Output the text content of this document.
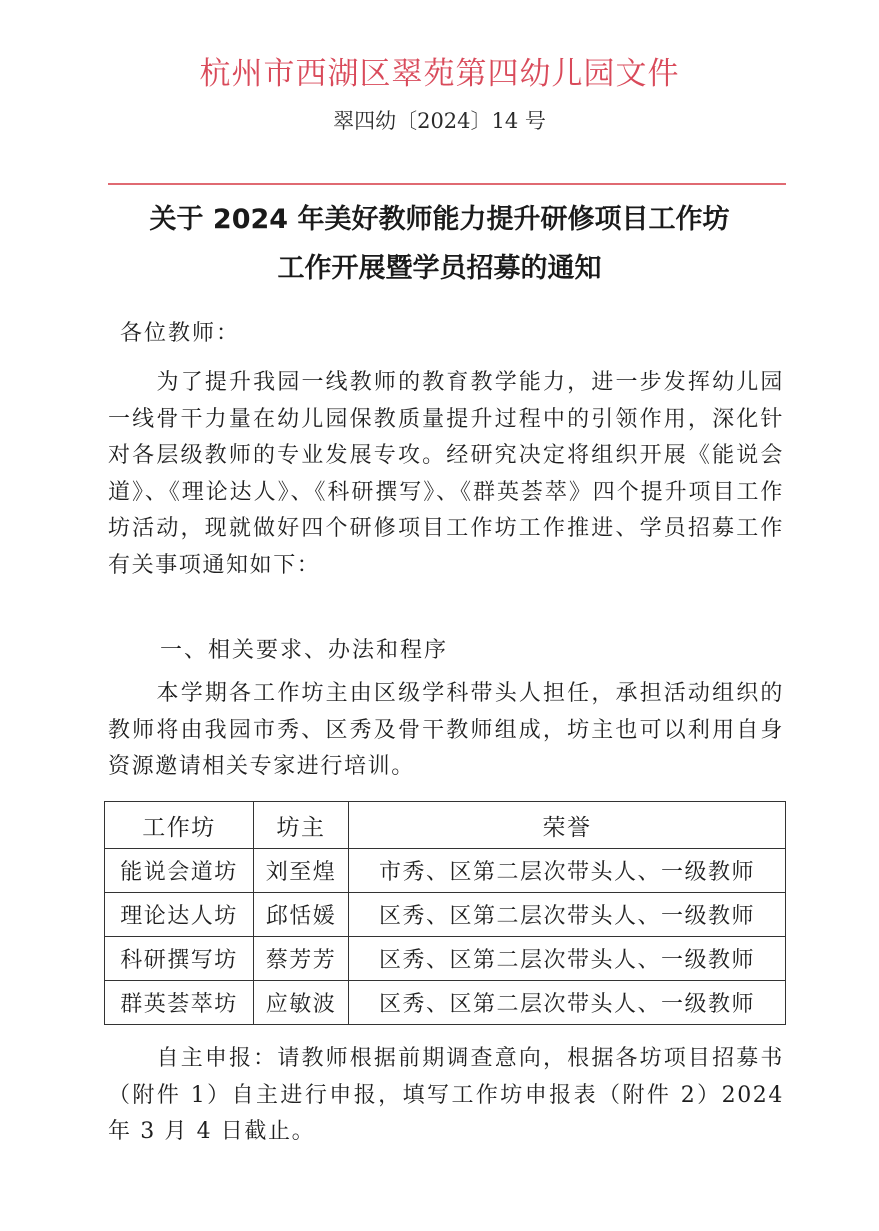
杭州市西湖区翠苑第四幼儿园文件
翠四幼〔2024〕14 号
关于 2024 年美好教师能力提升研修项目工作坊
工作开展暨学员招募的通知
各位教师：

为了提升我园一线教师的教育教学能力，进一步发挥幼儿园一线骨干力量在幼儿园保教质量提升过程中的引领作用，深化针对各层级教师的专业发展专攻。经研究决定将组织开展《能说会道》、《理论达人》、《科研撰写》、《群英荟萃》四个提升项目工作坊活动，现就做好四个研修项目工作坊工作推进、学员招募工作有关事项通知如下：

一、相关要求、办法和程序

本学期各工作坊主由区级学科带头人担任，承担活动组织的教师将由我园市秀、区秀及骨干教师组成，坊主也可以利用自身资源邀请相关专家进行培训。

工作坊	坊主	荣誉
能说会道坊	刘至煌	市秀、区第二层次带头人、一级教师
理论达人坊	邱恬媛	区秀、区第二层次带头人、一级教师
科研撰写坊	蔡芳芳	区秀、区第二层次带头人、一级教师
群英荟萃坊	应敏波	区秀、区第二层次带头人、一级教师

自主申报：请教师根据前期调查意向，根据各坊项目招募书（附件 1）自主进行申报，填写工作坊申报表（附件 2）2024 年 3 月 4 日截止。
